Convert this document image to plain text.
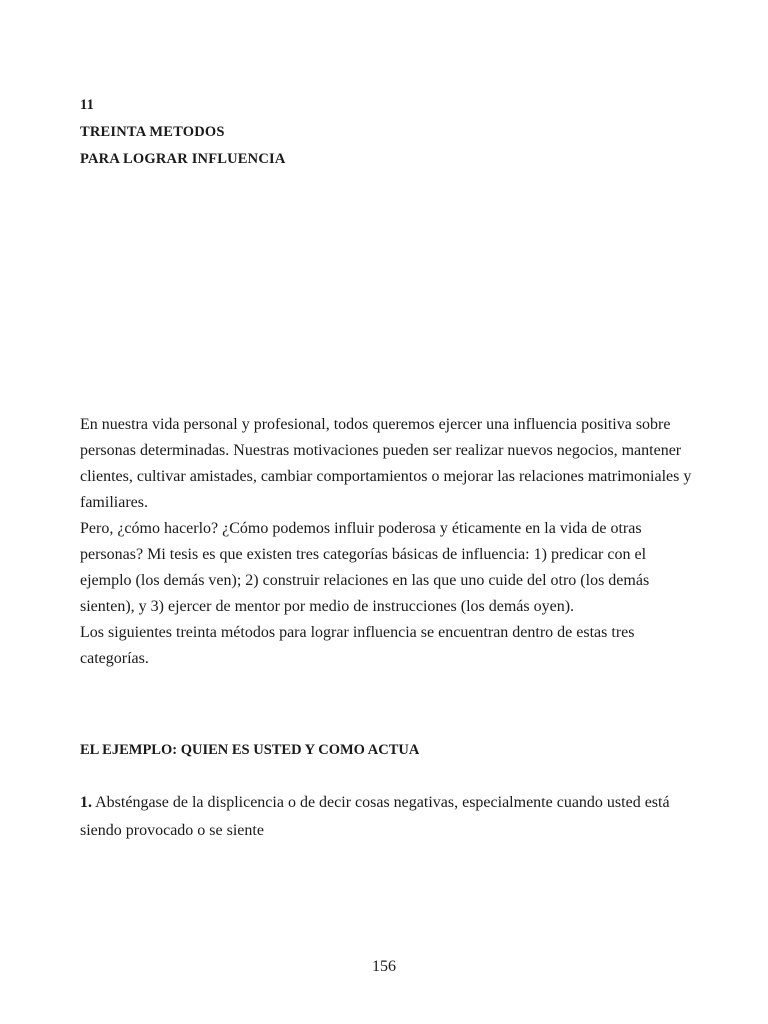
11
TREINTA METODOS
PARA LOGRAR INFLUENCIA

En nuestra vida personal y profesional, todos queremos ejercer una influencia positiva sobre personas determinadas. Nuestras motivaciones pueden ser realizar nuevos negocios, mantener clientes, cultivar amistades, cambiar comportamientos o mejorar las relaciones matrimoniales y familiares.

Pero, ¿cómo hacerlo? ¿Cómo podemos influir poderosa y éticamente en la vida de otras personas? Mi tesis es que existen tres categorías básicas de influencia: 1) predicar con el ejemplo (los demás ven); 2) construir relaciones en las que uno cuide del otro (los demás sienten), y 3) ejercer de mentor por medio de instrucciones (los demás oyen).

Los siguientes treinta métodos para lograr influencia se encuentran dentro de estas tres categorías.

EL EJEMPLO: QUIEN ES USTED Y COMO ACTUA

1. Absténgase de la displicencia o de decir cosas negativas, especialmente cuando usted está siendo provocado o se siente

156
